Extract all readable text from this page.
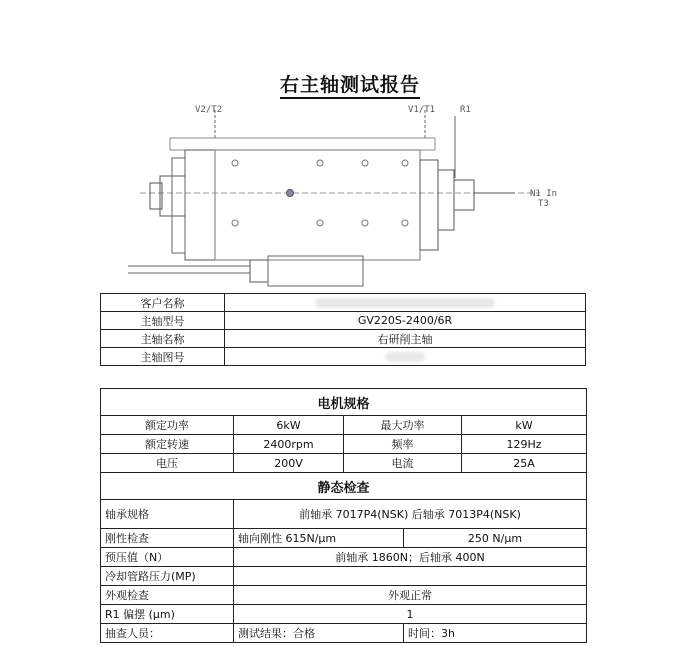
右主轴测试报告
V2/T2	V1/T1	R1
N1 In
T3
客户名称	
主轴型号	GV220S-2400/6R
主轴名称	右研削主轴
主轴图号	
电机规格				
额定功率	6kW	最大功率		kW
额定转速	2400rpm	频率		129Hz
电压	200V	电流		25A
静态检查				
轴承规格	前轴承 7017P4(NSK) 后轴承 7013P4(NSK)			
刚性检查	轴向刚性 615N/μm		250 N/μm	
预压值（N）	前轴承 1860N；后轴承 400N			
冷却管路压力(MP)				
外观检查	外观正常			
R1 偏摆 (μm)	1			
抽查人员：	测试结果：合格		时间：3h	
